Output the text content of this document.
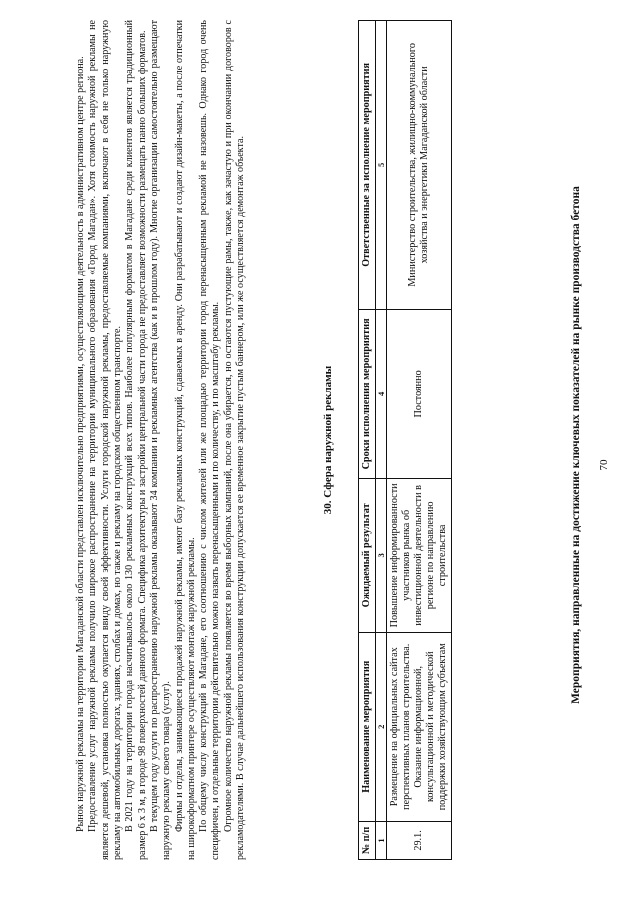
70
Мероприятия, направленные на достижение ключевых показателей на рынке производства бетона
№ п/п	Наименование мероприятия	Ожидаемый результат	Сроки исполнения мероприятия	Ответственные за исполнение мероприятия
1	2	3	4	5
29.1.	Размещение на официальных сайтах перспективных планов строительства. Оказание информационной, консультационной и методической поддержки хозяйствующим субъектам	Повышение информированности участников рынка об инвестиционной деятельности в регионе по направлению строительства	Постоянно	Министерство строительства, жилищно-коммунального хозяйства и энергетики Магаданской области
30. Сфера наружной рекламы

Рынок наружной рекламы на территории Магаданской области представлен исключительно предприятиями, осуществляющими деятельность в административном центре региона. Предоставление услуг наружной рекламы получило широкое распространение на территории муниципального образования «Город Магадан». Хотя стоимость наружной рекламы не является дешевой, установка полностью окупается ввиду своей эффективности. Услуги городской наружной рекламы, предоставляемые компаниями, включают в себя не только наружную рекламу на автомобильных дорогах, зданиях, столбах и домах, но также и рекламу на городском общественном транспорте. В 2021 году на территории города насчитывалось около 130 рекламных конструкций всех типов. Наиболее популярным форматом в Магадане среди клиентов является традиционный размер 6 х 3 м, в городе 98 поверхностей данного формата. Специфика архитектуры и застройки центральной части города не предоставляет возможности размещать панно больших форматов. В текущем году услуги по распространению наружной рекламы оказывают 34 компании и рекламных агентства (как и в прошлом году). Многие организации самостоятельно размещают наружную рекламу своего товара (услуг). Фирмы и отделы, занимающиеся продажей наружной рекламы, имеют базу рекламных конструкций, сдаваемых в аренду. Они разрабатывают и создают дизайн-макеты, а после отпечатки на широкоформатном принтере осуществляют монтаж наружной рекламы. По общему числу конструкций в Магадане, его соотношению с числом жителей или же площадью территории город перенасыщенным рекламой не назовешь. Однако город очень специфичен, и отдельные территории действительно можно назвать перенасыщенными и по количеству, и по масштабу рекламы. Огромное количество наружной рекламы появляется во время выборных кампаний, после она убирается, но остаются пустующие рамы, также, как зачастую и при окончании договоров с рекламодателями. В случае дальнейшего использования конструкции допускается ее временное закрытие пустым баннером, или же осуществляется демонтаж объекта.
